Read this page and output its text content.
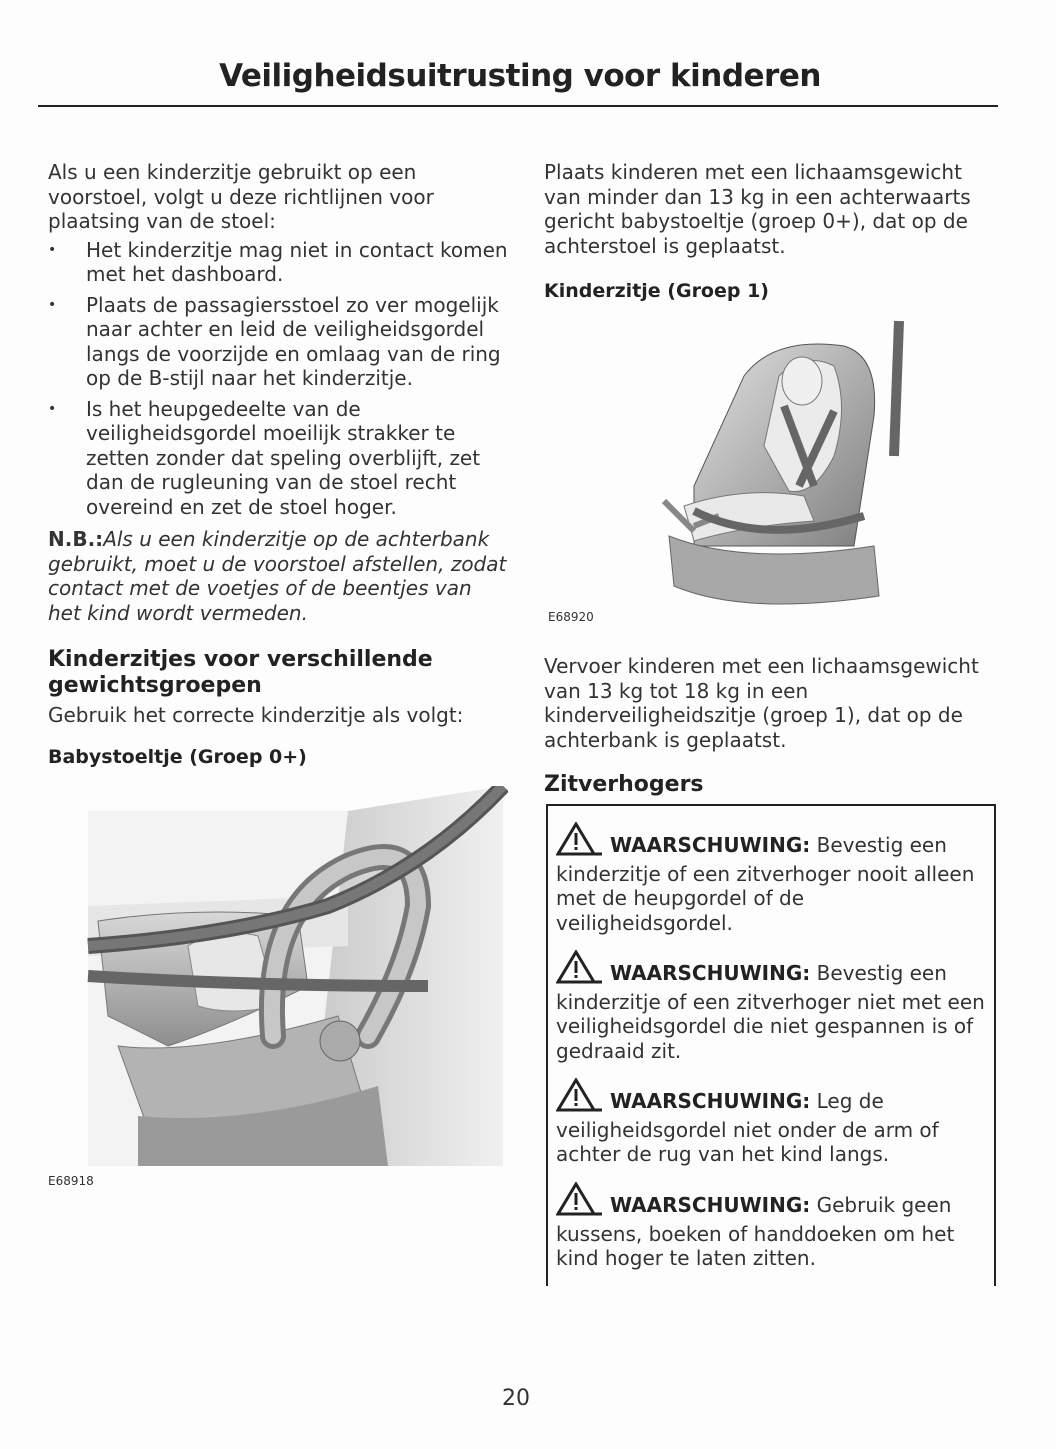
Veiligheidsuitrusting voor kinderen

Als u een kinderzitje gebruikt op een voorstoel, volgt u deze richtlijnen voor plaatsing van de stoel:

• Het kinderzitje mag niet in contact komen met het dashboard.
• Plaats de passagiersstoel zo ver mogelijk naar achter en leid de veiligheidsgordel langs de voorzijde en omlaag van de ring op de B-stijl naar het kinderzitje.
• Is het heupgedeelte van de veiligheidsgordel moeilijk strakker te zetten zonder dat speling overblijft, zet dan de rugleuning van de stoel recht overeind en zet de stoel hoger.

N.B.:Als u een kinderzitje op de achterbank gebruikt, moet u de voorstoel afstellen, zodat contact met de voetjes of de beentjes van het kind wordt vermeden.

Kinderzitjes voor verschillende gewichtsgroepen

Gebruik het correcte kinderzitje als volgt:

Babystoeltje (Groep 0+)
E68918

Plaats kinderen met een lichaamsgewicht van minder dan 13 kg in een achterwaarts gericht babystoeltje (groep 0+), dat op de achterstoel is geplaatst.

Kinderzitje (Groep 1)
E68920

Vervoer kinderen met een lichaamsgewicht van 13 kg tot 18 kg in een kinderveiligheidszitje (groep 1), dat op de achterbank is geplaatst.

Zitverhogers
WAARSCHUWING: Bevestig een kinderzitje of een zitverhoger nooit alleen met de heupgordel of de veiligheidsgordel.
WAARSCHUWING: Bevestig een kinderzitje of een zitverhoger niet met een veiligheidsgordel die niet gespannen is of gedraaid zit.
WAARSCHUWING: Leg de veiligheidsgordel niet onder de arm of achter de rug van het kind langs.
WAARSCHUWING: Gebruik geen kussens, boeken of handdoeken om het kind hoger te laten zitten.
20
